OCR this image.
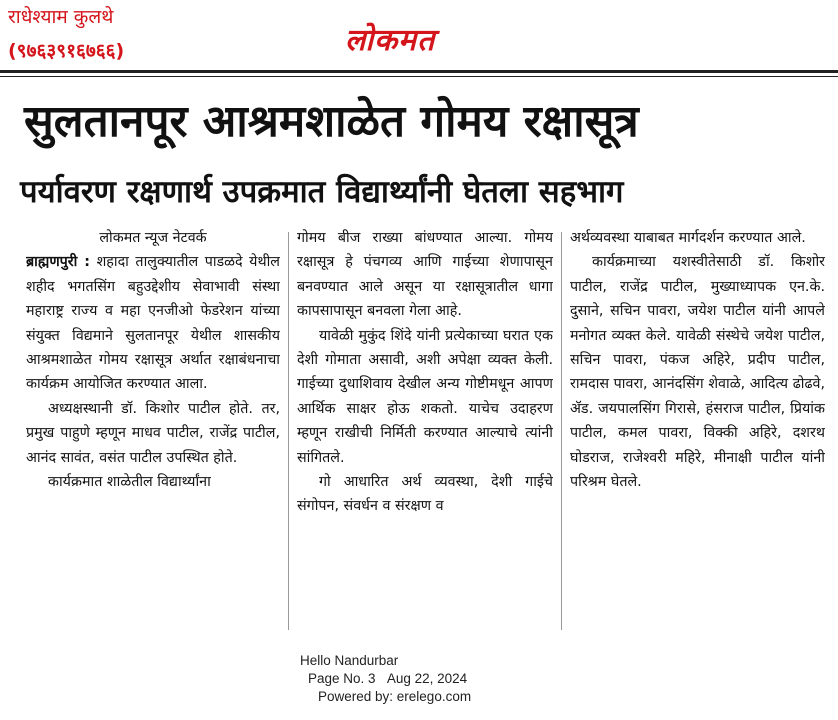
राधेश्याम कुलथे
(९७६३९१६७६६)	लोकमत
सुलतानपूर आश्रमशाळेत गोमय रक्षासूत्र
पर्यावरण रक्षणार्थ उपक्रमात विद्यार्थ्यांनी घेतला सहभाग

लोकमत न्यूज नेटवर्क

ब्राह्मणपुरी : शहादा तालुक्यातील पाडळदे येथील शहीद भगतसिंग बहुउद्देशीय सेवाभावी संस्था महाराष्ट्र राज्य व महा एनजीओ फेडरेशन यांच्या संयुक्त विद्यमाने सुलतानपूर येथील शासकीय आश्रमशाळेत गोमय रक्षासूत्र अर्थात रक्षाबंधनाचा कार्यक्रम आयोजित करण्यात आला.

अध्यक्षस्थानी डॉ. किशोर पाटील होते. तर, प्रमुख पाहुणे म्हणून माधव पाटील, राजेंद्र पाटील, आनंद सावंत, वसंत पाटील उपस्थित होते.

कार्यक्रमात शाळेतील विद्यार्थ्यांना

गोमय बीज राख्या बांधण्यात आल्या. गोमय रक्षासूत्र हे पंचगव्य आणि गाईच्या शेणापासून बनवण्यात आले असून या रक्षासूत्रातील धागा कापसापासून बनवला गेला आहे.

यावेळी मुकुंद शिंदे यांनी प्रत्येकाच्या घरात एक देशी गोमाता असावी, अशी अपेक्षा व्यक्त केली. गाईच्या दुधाशिवाय देखील अन्य गोष्टीमधून आपण आर्थिक साक्षर होऊ शकतो. याचेच उदाहरण म्हणून राखीची निर्मिती करण्यात आल्याचे त्यांनी सांगितले.

गो आधारित अर्थ व्यवस्था, देशी गाईचे संगोपन, संवर्धन व संरक्षण व

अर्थव्यवस्था याबाबत मार्गदर्शन करण्यात आले.

कार्यक्रमाच्या यशस्वीतेसाठी डॉ. किशोर पाटील, राजेंद्र पाटील, मुख्याध्यापक एन.के. दुसाने, सचिन पावरा, जयेश पाटील यांनी आपले मनोगत व्यक्त केले. यावेळी संस्थेचे जयेश पाटील, सचिन पावरा, पंकज अहिरे, प्रदीप पाटील, रामदास पावरा, आनंदसिंग शेवाळे, आदित्य ढोढवे, ॲड. जयपालसिंग गिरासे, हंसराज पाटील, प्रियांक पाटील, कमल पावरा, विक्की अहिरे, दशरथ घोडराज, राजेश्वरी महिरे, मीनाक्षी पाटील यांनी परिश्रम घेतले.

Hello Nandurbar
Page No. 3 Aug 22, 2024
Powered by: erelego.com
